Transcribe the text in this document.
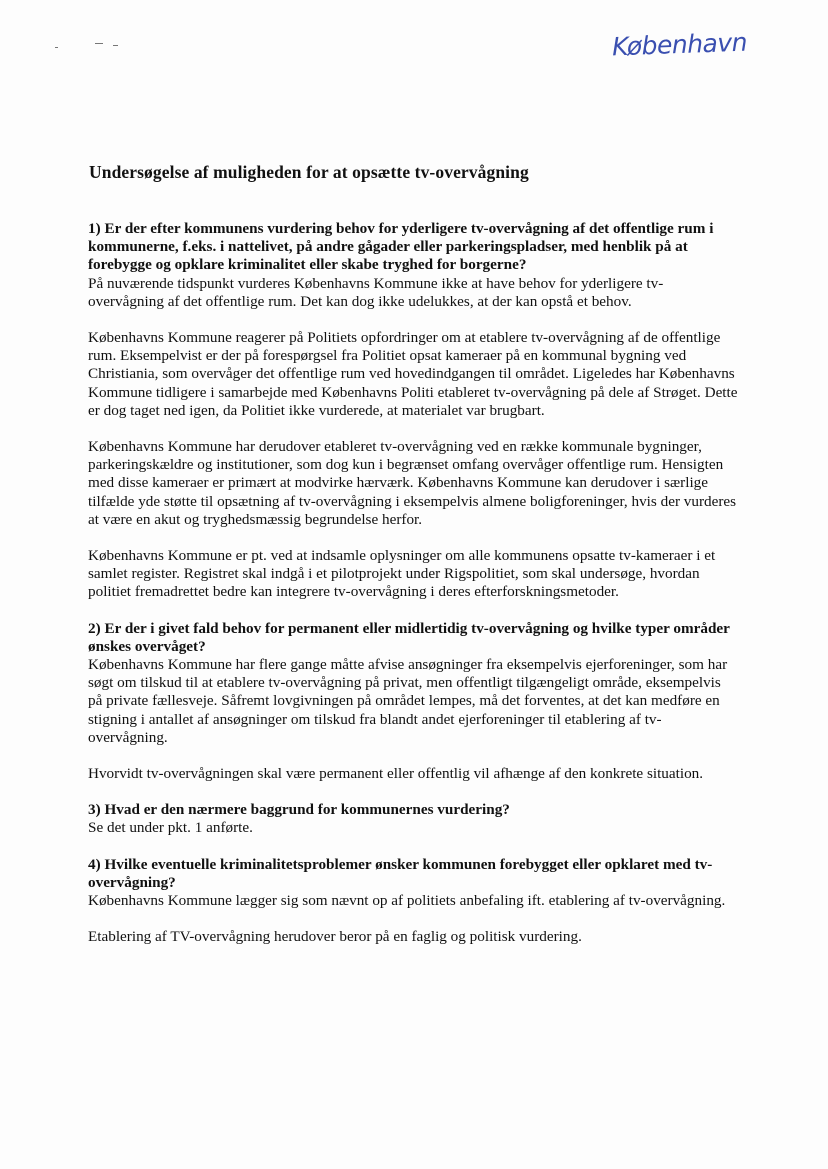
København
Undersøgelse af muligheden for at opsætte tv-overvågning

1) Er der efter kommunens vurdering behov for yderligere tv-overvågning af det offentlige rum i kommunerne, f.eks. i nattelivet, på andre gågader eller parkeringspladser, med henblik på at forebygge og opklare kriminalitet eller skabe tryghed for borgerne?
På nuværende tidspunkt vurderes Københavns Kommune ikke at have behov for yderligere tv-overvågning af det offentlige rum. Det kan dog ikke udelukkes, at der kan opstå et behov.

Københavns Kommune reagerer på Politiets opfordringer om at etablere tv-overvågning af de offentlige rum. Eksempelvist er der på forespørgsel fra Politiet opsat kameraer på en kommunal bygning ved Christiania, som overvåger det offentlige rum ved hovedindgangen til området. Ligeledes har Københavns Kommune tidligere i samarbejde med Københavns Politi etableret tv-overvågning på dele af Strøget. Dette er dog taget ned igen, da Politiet ikke vurderede, at materialet var brugbart.

Københavns Kommune har derudover etableret tv-overvågning ved en række kommunale bygninger, parkeringskældre og institutioner, som dog kun i begrænset omfang overvåger offentlige rum. Hensigten med disse kameraer er primært at modvirke hærværk. Københavns Kommune kan derudover i særlige tilfælde yde støtte til opsætning af tv-overvågning i eksempelvis almene boligforeninger, hvis der vurderes at være en akut og tryghedsmæssig begrundelse herfor.

Københavns Kommune er pt. ved at indsamle oplysninger om alle kommunens opsatte tv-kameraer i et samlet register. Registret skal indgå i et pilotprojekt under Rigspolitiet, som skal undersøge, hvordan politiet fremadrettet bedre kan integrere tv-overvågning i deres efterforskningsmetoder.

2) Er der i givet fald behov for permanent eller midlertidig tv-overvågning og hvilke typer områder ønskes overvåget?
Københavns Kommune har flere gange måtte afvise ansøgninger fra eksempelvis ejerforeninger, som har søgt om tilskud til at etablere tv-overvågning på privat, men offentligt tilgængeligt område, eksempelvis på private fællesveje. Såfremt lovgivningen på området lempes, må det forventes, at det kan medføre en stigning i antallet af ansøgninger om tilskud fra blandt andet ejerforeninger til etablering af tv-overvågning.

Hvorvidt tv-overvågningen skal være permanent eller offentlig vil afhænge af den konkrete situation.

3) Hvad er den nærmere baggrund for kommunernes vurdering?
Se det under pkt. 1 anførte.

4) Hvilke eventuelle kriminalitetsproblemer ønsker kommunen forebygget eller opklaret med tv-overvågning?
Københavns Kommune lægger sig som nævnt op af politiets anbefaling ift. etablering af tv-overvågning.

Etablering af TV-overvågning herudover beror på en faglig og politisk vurdering.
